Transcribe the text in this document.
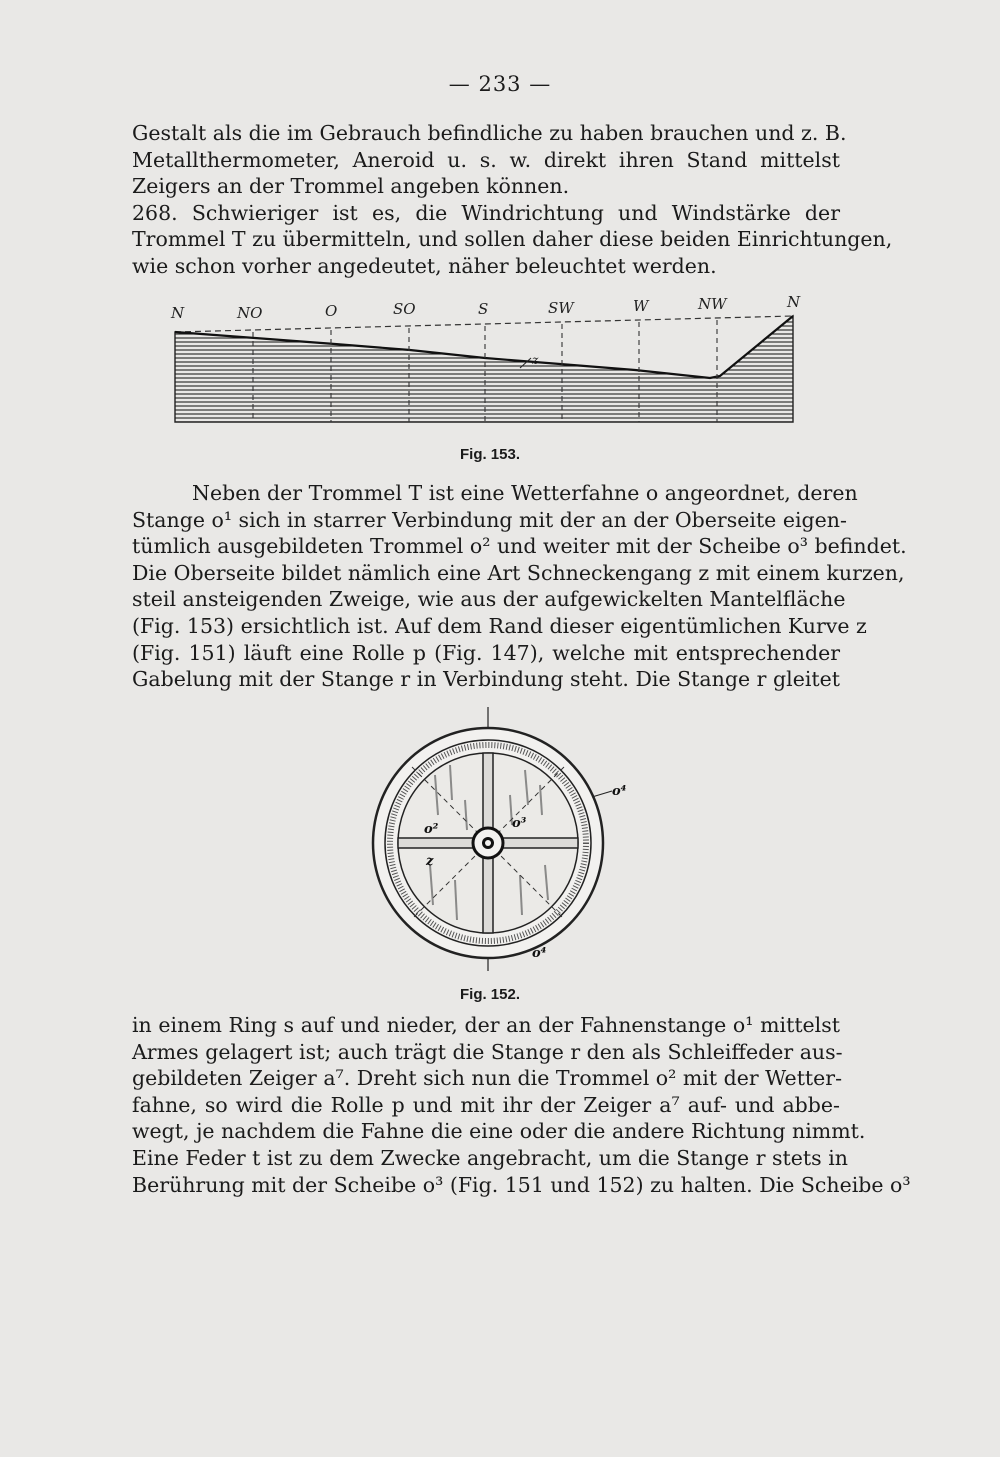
— 233 —
Gestalt als die im Gebrauch befindliche zu haben brauchen und z. B.
Metallthermometer, Aneroid u. s. w. direkt ihren Stand mittelst
Zeigers an der Trommel angeben können.
268. Schwieriger ist es, die Windrichtung und Windstärke der
Trommel T zu übermitteln, und sollen daher diese beiden Einrichtungen,
wie schon vorher angedeutet, näher beleuchtet werden.
N	NO	O	SO	S	SW	W	NW	N
z
Fig. 153.
Neben der Trommel T ist eine Wetterfahne o angeordnet, deren
Stange o¹ sich in starrer Verbindung mit der an der Oberseite eigen-
tümlich ausgebildeten Trommel o² und weiter mit der Scheibe o³ befindet.
Die Oberseite bildet nämlich eine Art Schneckengang z mit einem kurzen,
steil ansteigenden Zweige, wie aus der aufgewickelten Mantelfläche
(Fig. 153) ersichtlich ist. Auf dem Rand dieser eigentümlichen Kurve z
(Fig. 151) läuft eine Rolle p (Fig. 147), welche mit entsprechender
Gabelung mit der Stange r in Verbindung steht. Die Stange r gleitet
o⁴
o²	o³
z
o⁴
Fig. 152.
in einem Ring s auf und nieder, der an der Fahnenstange o¹ mittelst
Armes gelagert ist; auch trägt die Stange r den als Schleiffeder aus-
gebildeten Zeiger a⁷. Dreht sich nun die Trommel o² mit der Wetter-
fahne, so wird die Rolle p und mit ihr der Zeiger a⁷ auf- und abbe-
wegt, je nachdem die Fahne die eine oder die andere Richtung nimmt.
Eine Feder t ist zu dem Zwecke angebracht, um die Stange r stets in
Berührung mit der Scheibe o³ (Fig. 151 und 152) zu halten. Die Scheibe o³
